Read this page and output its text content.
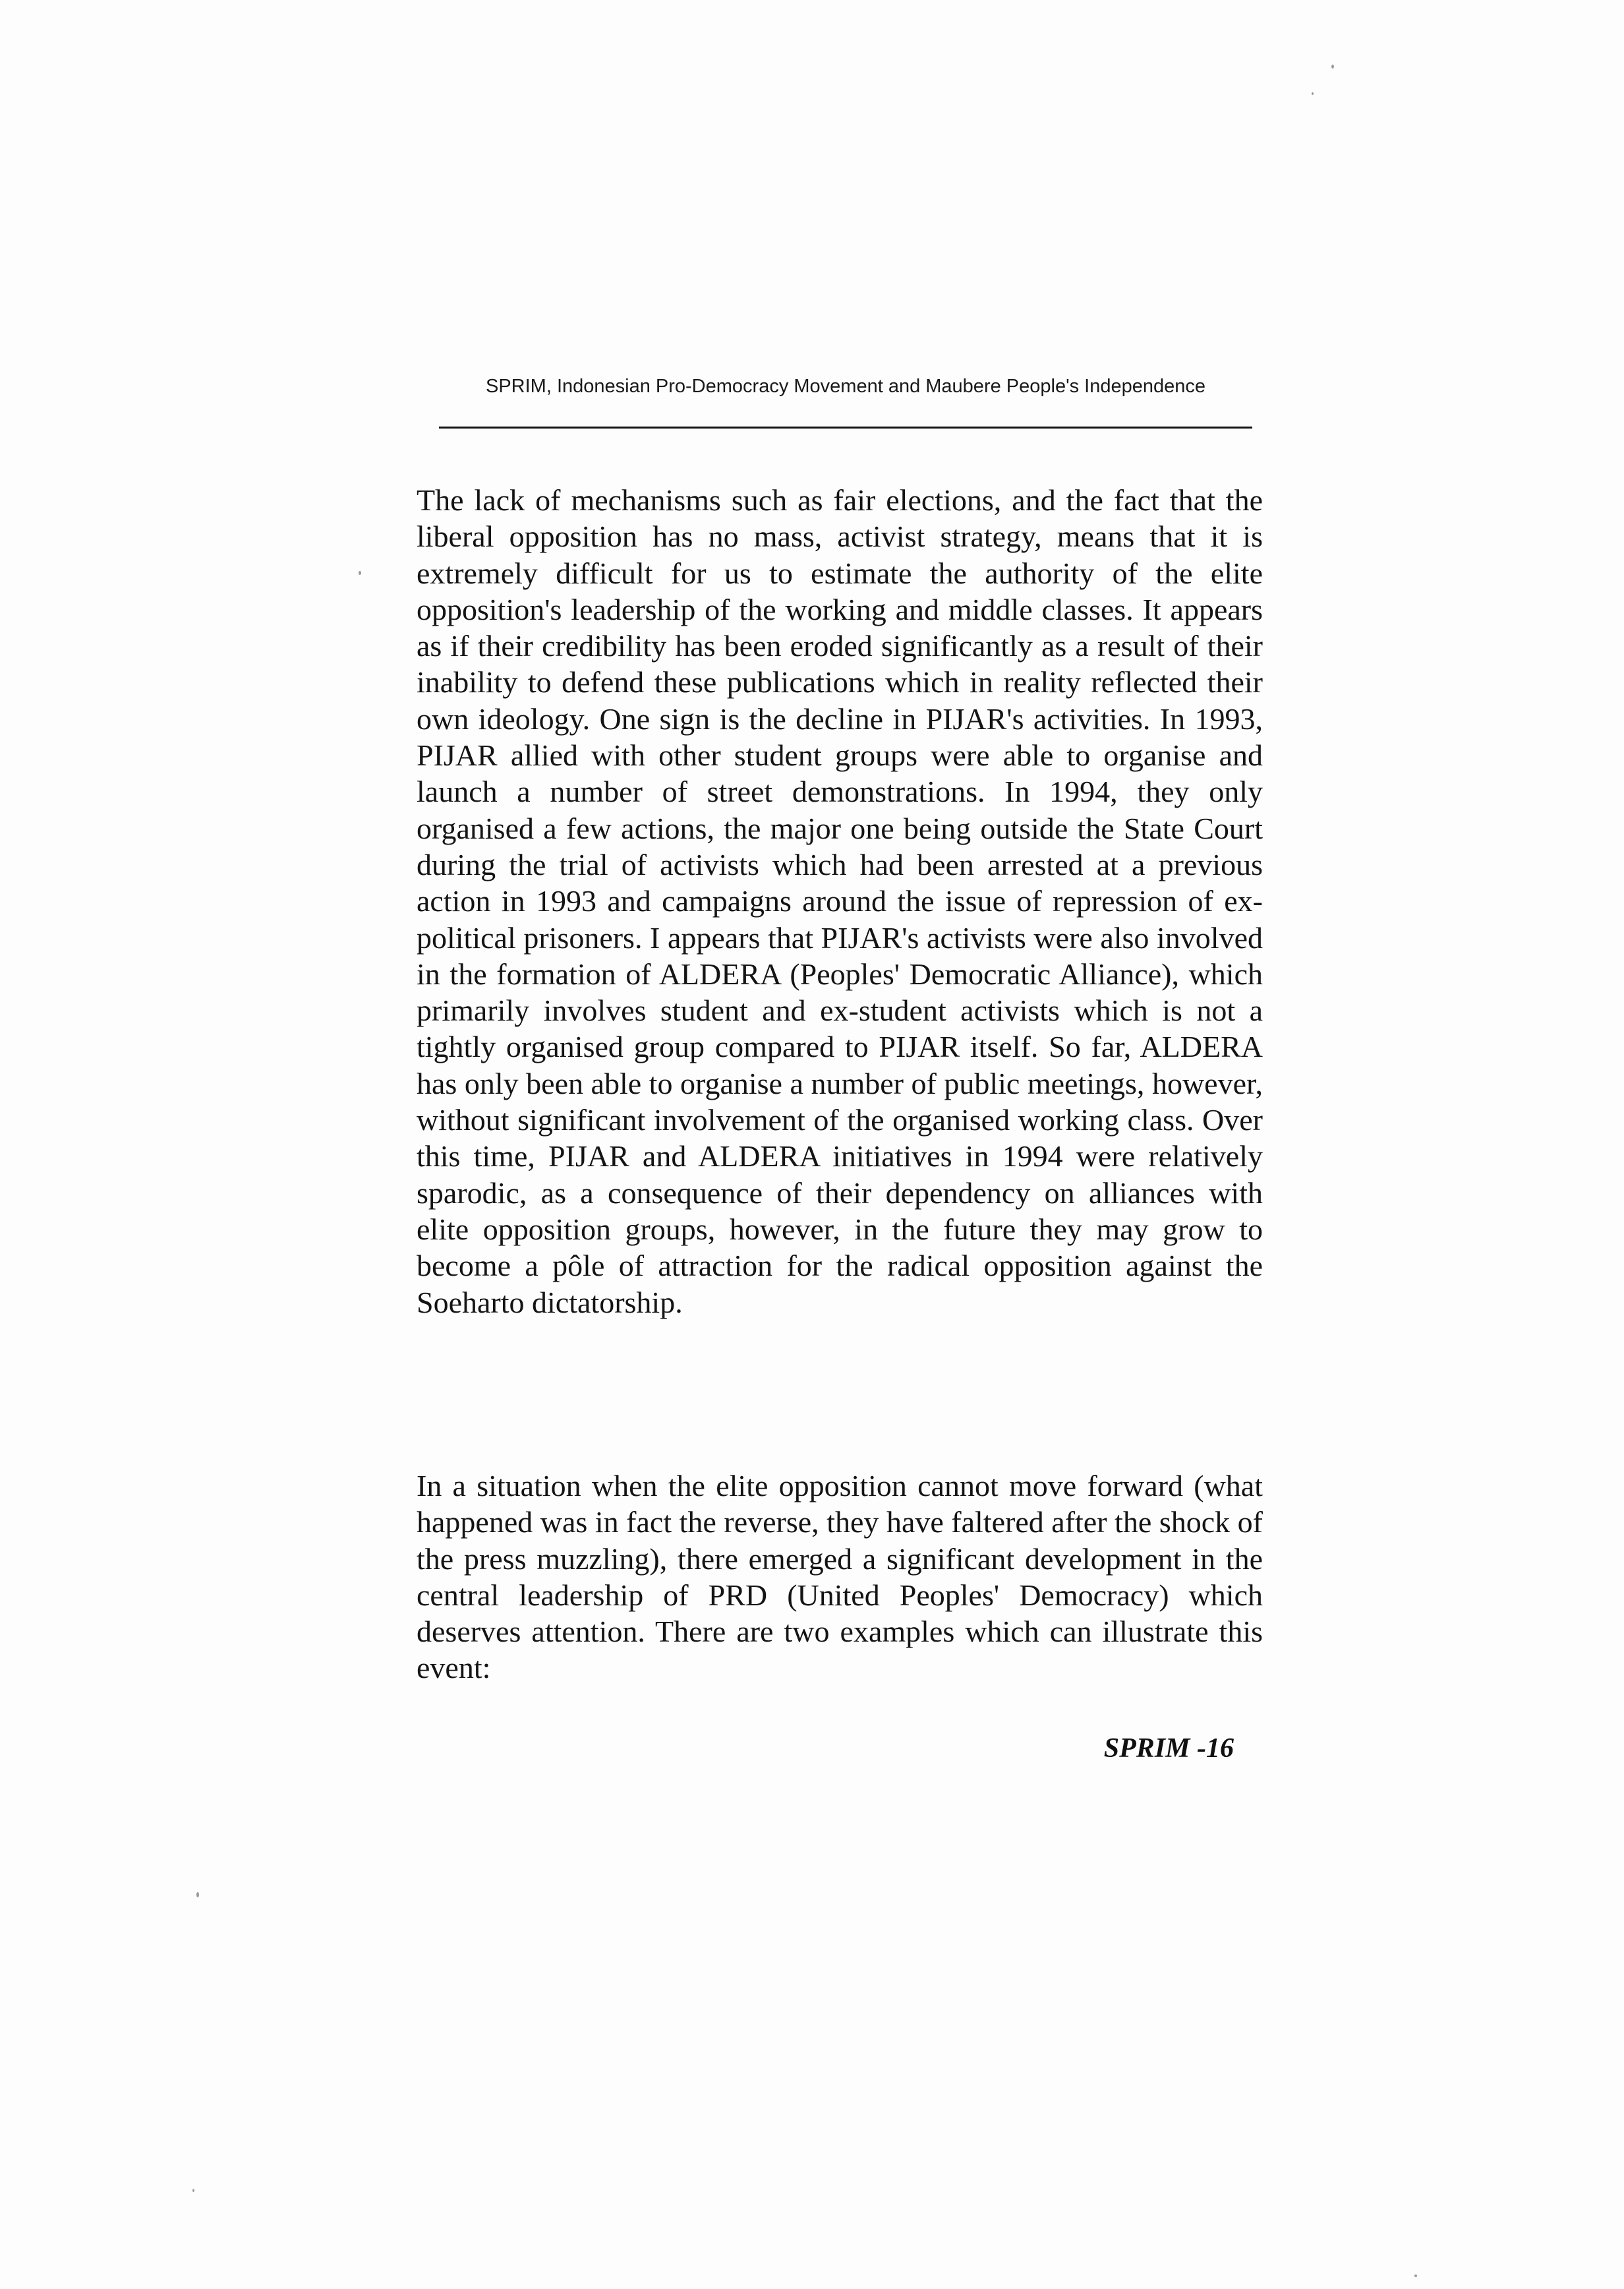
SPRIM, Indonesian Pro-Democracy Movement and Maubere People's Independence

The lack of mechanisms such as fair elections, and the fact that the liberal opposition has no mass, activist strategy, means that it is extremely difficult for us to estimate the authority of the elite opposition's leadership of the working and middle classes. It appears as if their credibility has been eroded significantly as a result of their inability to defend these publications which in reality reflected their own ideology. One sign is the decline in PIJAR's activities. In 1993, PIJAR allied with other student groups were able to organise and launch a number of street demonstrations. In 1994, they only organised a few actions, the major one being outside the State Court during the trial of activists which had been arrested at a previous action in 1993 and campaigns around the issue of repression of ex-political prisoners. I appears that PIJAR's activists were also involved in the formation of ALDERA (Peoples' Democratic Alliance), which primarily involves student and ex-student activists which is not a tightly organised group compared to PIJAR itself. So far, ALDERA has only been able to organise a number of public meetings, however, without significant involvement of the organised working class. Over this time, PIJAR and ALDERA initiatives in 1994 were relatively sparodic, as a consequence of their dependency on alliances with elite opposition groups, however, in the future they may grow to become a pôle of attraction for the radical opposition against the Soeharto dictatorship.

In a situation when the elite opposition cannot move forward (what happened was in fact the reverse, they have faltered after the shock of the press muzzling), there emerged a significant development in the central leadership of PRD (United Peoples' Democracy) which deserves attention. There are two examples which can illustrate this event:

SPRIM -16
